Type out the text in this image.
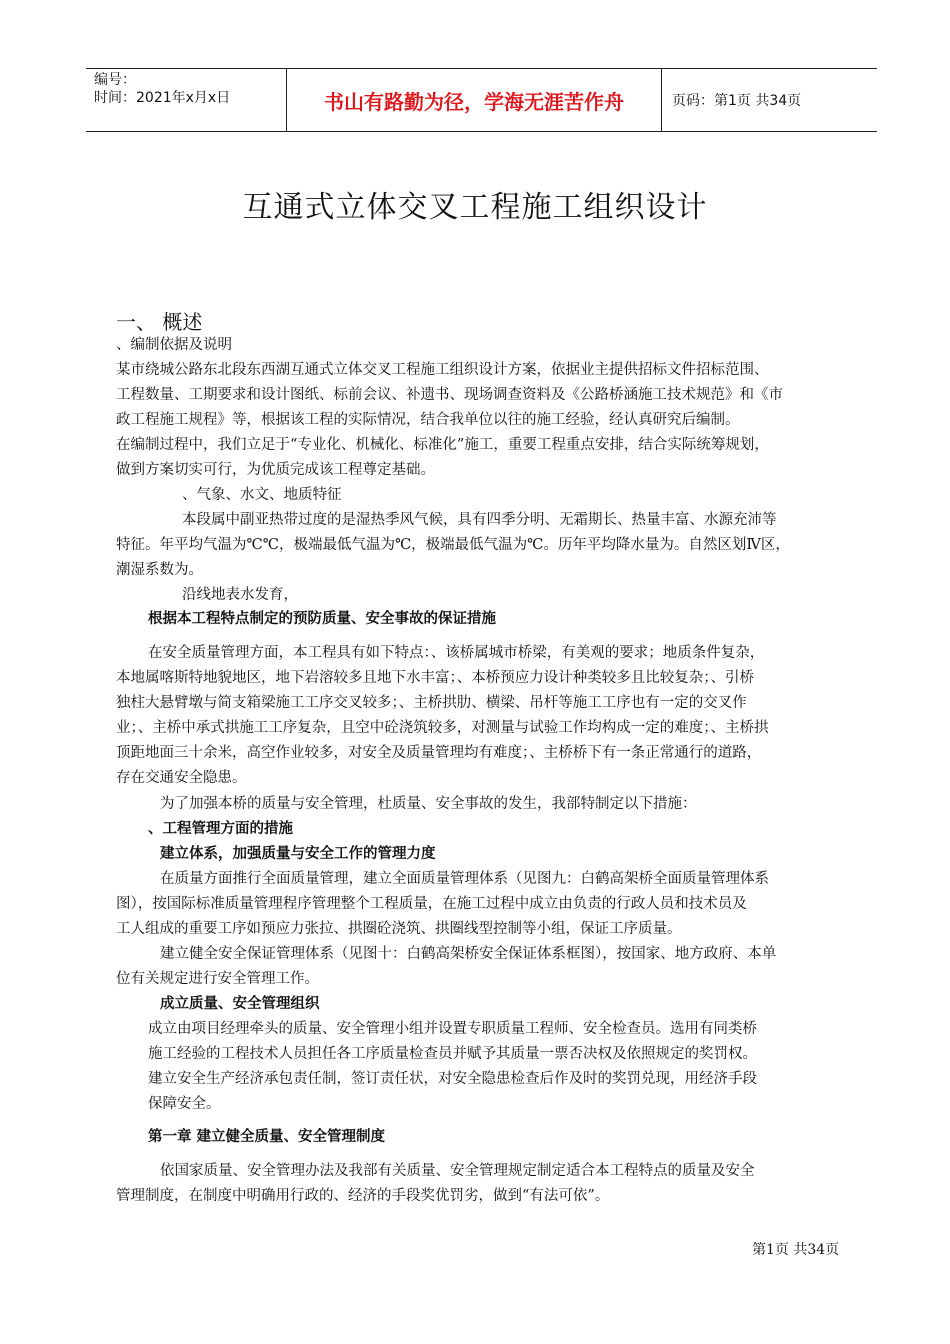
编号：
时间：2021年x月x日	书山有路勤为径，学海无涯苦作舟	页码：第1页 共34页
互通式立体交叉工程施工组织设计
一、 概述
、编制依据及说明
某市绕城公路东北段东西湖互通式立体交叉工程施工组织设计方案，依据业主提供招标文件招标范围、
工程数量、工期要求和设计图纸、标前会议、补遗书、现场调查资料及《公路桥涵施工技术规范》和《市
政工程施工规程》等，根据该工程的实际情况，结合我单位以往的施工经验，经认真研究后编制。
在编制过程中，我们立足于“专业化、机械化、标准化”施工，重要工程重点安排，结合实际统筹规划，
做到方案切实可行，为优质完成该工程尊定基础。
、气象、水文、地质特征
本段属中副亚热带过度的是湿热季风气候，具有四季分明、无霜期长、热量丰富、水源充沛等
特征。年平均气温为℃℃，极端最低气温为℃，极端最低气温为℃。历年平均降水量为。自然区划Ⅳ区，
潮湿系数为。
沿线地表水发育，
根据本工程特点制定的预防质量、安全事故的保证措施
在安全质量管理方面，本工程具有如下特点：、该桥属城市桥梁，有美观的要求；地质条件复杂，
本地属喀斯特地貌地区，地下岩溶较多且地下水丰富；、本桥预应力设计种类较多且比较复杂；、引桥
独柱大悬臂墩与简支箱梁施工工序交叉较多；、主桥拱肋、横梁、吊杆等施工工序也有一定的交叉作
业；、主桥中承式拱施工工序复杂，且空中砼浇筑较多，对测量与试验工作均构成一定的难度；、主桥拱
顶距地面三十余米，高空作业较多，对安全及质量管理均有难度；、主桥桥下有一条正常通行的道路，
存在交通安全隐患。
为了加强本桥的质量与安全管理，杜质量、安全事故的发生，我部特制定以下措施：
、工程管理方面的措施
建立体系，加强质量与安全工作的管理力度
在质量方面推行全面质量管理，建立全面质量管理体系（见图九：白鹤高架桥全面质量管理体系
图），按国际标准质量管理程序管理整个工程质量，在施工过程中成立由负责的行政人员和技术员及
工人组成的重要工序如预应力张拉、拱圈砼浇筑、拱圈线型控制等小组，保证工序质量。
建立健全安全保证管理体系（见图十：白鹤高架桥安全保证体系框图），按国家、地方政府、本单
位有关规定进行安全管理工作。
成立质量、安全管理组织
成立由项目经理牵头的质量、安全管理小组并设置专职质量工程师、安全检查员。选用有同类桥
施工经验的工程技术人员担任各工序质量检查员并赋予其质量一票否决权及依照规定的奖罚权。
建立安全生产经济承包责任制，签订责任状，对安全隐患检查后作及时的奖罚兑现，用经济手段
保障安全。
第一章 建立健全质量、安全管理制度
依国家质量、安全管理办法及我部有关质量、安全管理规定制定适合本工程特点的质量及安全
管理制度，在制度中明确用行政的、经济的手段奖优罚劣，做到“有法可依”。
第1页 共34页
